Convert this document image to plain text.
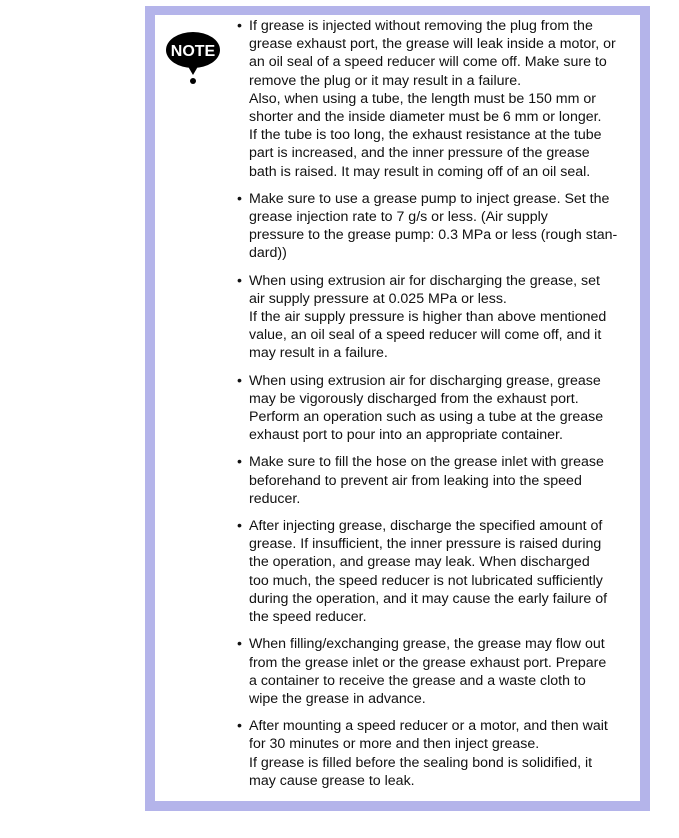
NOTE
• If grease is injected without removing the plug from the
grease exhaust port, the grease will leak inside a motor, or
an oil seal of a speed reducer will come off. Make sure to
remove the plug or it may result in a failure.
Also, when using a tube, the length must be 150 mm or
shorter and the inside diameter must be 6 mm or longer.
If the tube is too long, the exhaust resistance at the tube
part is increased, and the inner pressure of the grease
bath is raised. It may result in coming off of an oil seal.
• Make sure to use a grease pump to inject grease. Set the
grease injection rate to 7 g/s or less. (Air supply
pressure to the grease pump: 0.3 MPa or less (rough stan-
dard))
• When using extrusion air for discharging the grease, set
air supply pressure at 0.025 MPa or less.
If the air supply pressure is higher than above mentioned
value, an oil seal of a speed reducer will come off, and it
may result in a failure.
• When using extrusion air for discharging grease, grease
may be vigorously discharged from the exhaust port.
Perform an operation such as using a tube at the grease
exhaust port to pour into an appropriate container.
• Make sure to fill the hose on the grease inlet with grease
beforehand to prevent air from leaking into the speed
reducer.
• After injecting grease, discharge the specified amount of
grease. If insufficient, the inner pressure is raised during
the operation, and grease may leak. When discharged
too much, the speed reducer is not lubricated sufficiently
during the operation, and it may cause the early failure of
the speed reducer.
• When filling/exchanging grease, the grease may flow out
from the grease inlet or the grease exhaust port. Prepare
a container to receive the grease and a waste cloth to
wipe the grease in advance.
• After mounting a speed reducer or a motor, and then wait
for 30 minutes or more and then inject grease.
If grease is filled before the sealing bond is solidified, it
may cause grease to leak.
